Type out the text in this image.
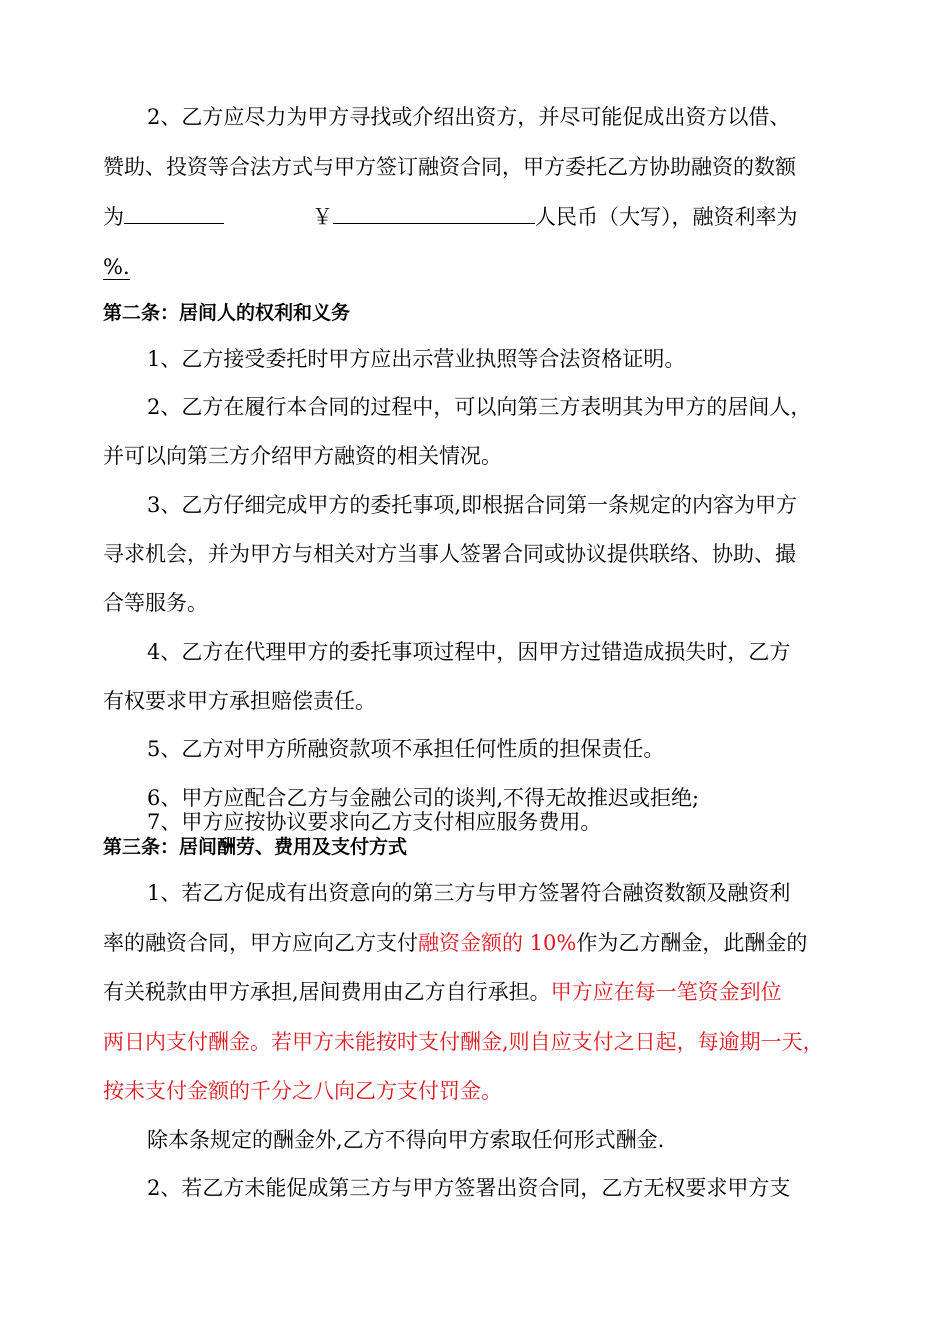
2、乙方应尽力为甲方寻找或介绍出资方，并尽可能促成出资方以借、
赞助、投资等合法方式与甲方签订融资合同，甲方委托乙方协助融资的数额
为	￥	人民币（大写），融资利率为
%.
第二条：居间人的权利和义务
1、乙方接受委托时甲方应出示营业执照等合法资格证明。
2、乙方在履行本合同的过程中，可以向第三方表明其为甲方的居间人，
并可以向第三方介绍甲方融资的相关情况。
3、乙方仔细完成甲方的委托事项,即根据合同第一条规定的内容为甲方
寻求机会，并为甲方与相关对方当事人签署合同或协议提供联络、协助、撮
合等服务。
4、乙方在代理甲方的委托事项过程中，因甲方过错造成损失时，乙方
有权要求甲方承担赔偿责任。
5、乙方对甲方所融资款项不承担任何性质的担保责任。
6、甲方应配合乙方与金融公司的谈判,不得无故推迟或拒绝;
7、甲方应按协议要求向乙方支付相应服务费用。
第三条：居间酬劳、费用及支付方式
1、若乙方促成有出资意向的第三方与甲方签署符合融资数额及融资利
率的融资合同，甲方应向乙方支付融资金额的 10%作为乙方酬金，此酬金的
有关税款由甲方承担,居间费用由乙方自行承担。甲方应在每一笔资金到位
两日内支付酬金。若甲方未能按时支付酬金,则自应支付之日起，每逾期一天，
按未支付金额的千分之八向乙方支付罚金。
除本条规定的酬金外,乙方不得向甲方索取任何形式酬金.
2、若乙方未能促成第三方与甲方签署出资合同，乙方无权要求甲方支
